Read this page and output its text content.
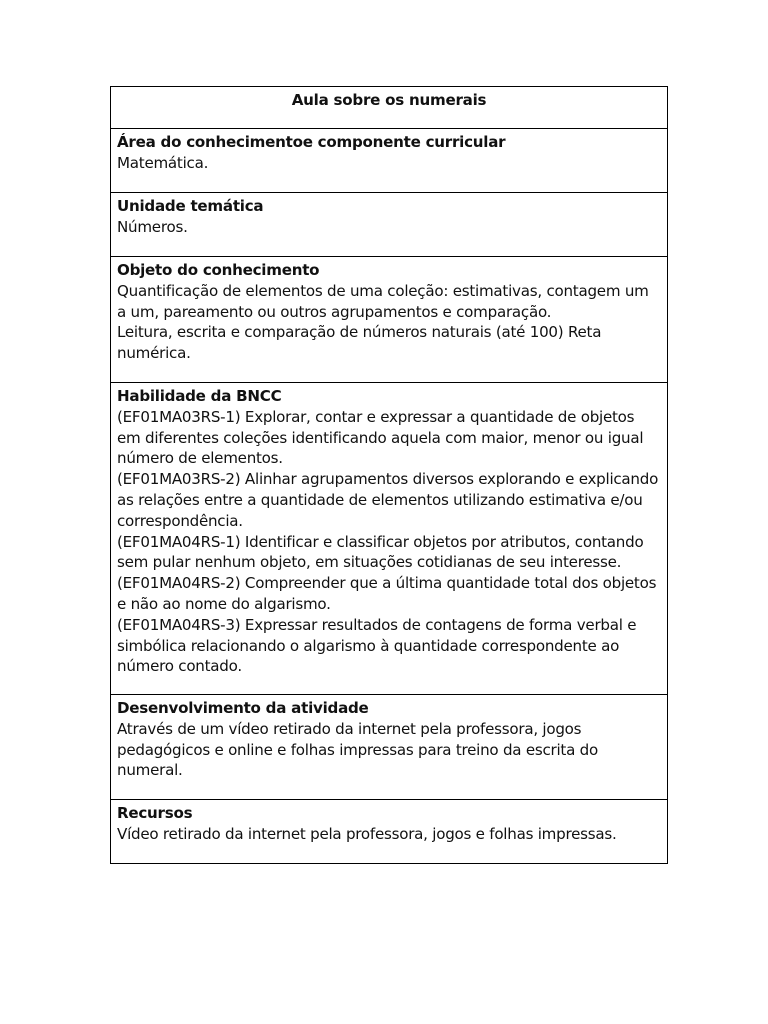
Aula sobre os numerais

Área do conhecimentoe componente curricular
Matemática.

Unidade temática
Números.

Objeto do conhecimento
Quantificação de elementos de uma coleção: estimativas, contagem um a um, pareamento ou outros agrupamentos e comparação.
Leitura, escrita e comparação de números naturais (até 100) Reta numérica.

Habilidade da BNCC
(EF01MA03RS-1) Explorar, contar e expressar a quantidade de objetos em diferentes coleções identificando aquela com maior, menor ou igual número de elementos.
(EF01MA03RS-2) Alinhar agrupamentos diversos explorando e explicando as relações entre a quantidade de elementos utilizando estimativa e/ou correspondência.
(EF01MA04RS-1) Identificar e classificar objetos por atributos, contando sem pular nenhum objeto, em situações cotidianas de seu interesse.
(EF01MA04RS-2) Compreender que a última quantidade total dos objetos e não ao nome do algarismo.
(EF01MA04RS-3) Expressar resultados de contagens de forma verbal e simbólica relacionando o algarismo à quantidade correspondente ao número contado.

Desenvolvimento da atividade
Através de um vídeo retirado da internet pela professora, jogos pedagógicos e online e folhas impressas para treino da escrita do numeral.

Recursos
Vídeo retirado da internet pela professora, jogos e folhas impressas.
